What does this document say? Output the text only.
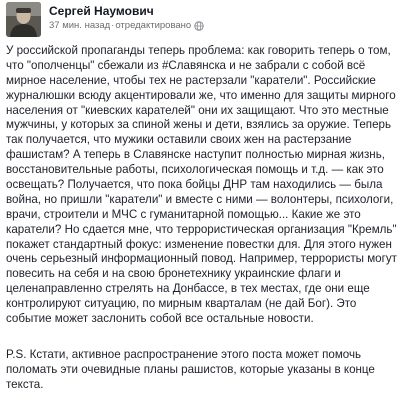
Сергей Наумович
37 мин. назад · отредактировано
У российской пропаганды теперь проблема: как говорить теперь о том,
что "ополченцы" сбежали из #Славянскa и не забрали с собой всё
мирное население, чтобы тех не растерзали "каратели". Российские
журналюшки всюду акцентировали же, что именно для защиты мирного
населения от "киевских карателей" они их защищают. Что это местные
мужчины, у которых за спиной жены и дети, взялись за оружие. Теперь
так получается, что мужики оставили своих жен на растерзание
фашистам? А теперь в Славянске наступит полностью мирная жизнь,
восстановительные работы, психологическая помощь и т.д. — как это
освещать? Получается, что пока бойцы ДНР там находились — была
война, но пришли "каратели" и вместе с ними — волонтеры, психологи,
врачи, строители и МЧС с гуманитарной помощью... Какие же это
каратели? Но сдается мне, что террористическая организация "Кремль"
покажет стандартный фокус: изменение повестки для. Для этого нужен
очень серьезный информационный повод. Например, террористы могут
повесить на себя и на свою бронетехнику украинские флаги и
целенаправленно стрелять на Донбассе, в тех местах, где они еще
контролируют ситуацию, по мирным кварталам (не дай Бог). Это
событие может заслонить собой все остальные новости.
P.S. Кстати, активное распространение этого поста может помочь
поломать эти очевидные планы рашистов, которые указаны в конце
текста.
